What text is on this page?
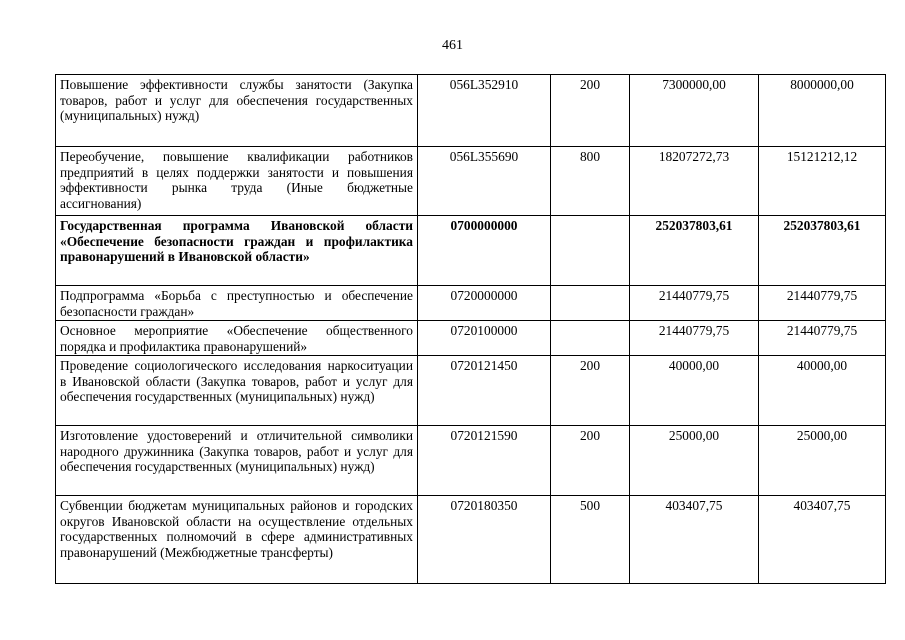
461
Повышение эффективности службы занятости (Закупка товаров, работ и услуг для обеспечения государственных (муниципальных) нужд)	056L352910	200	7300000,00	8000000,00
Переобучение, повышение квалификации работников предприятий в целях поддержки занятости и повышения эффективности рынка труда (Иные бюджетные ассигнования)	056L355690	800	18207272,73	15121212,12
Государственная программа Ивановской области «Обеспечение безопасности граждан и профилактика правонарушений в Ивановской области»	0700000000		252037803,61	252037803,61
Подпрограмма «Борьба с преступностью и обеспечение безопасности граждан»	0720000000		21440779,75	21440779,75
Основное мероприятие «Обеспечение общественного порядка и профилактика правонарушений»	0720100000		21440779,75	21440779,75
Проведение социологического исследования наркоситуации в Ивановской области (Закупка товаров, работ и услуг для обеспечения государственных (муниципальных) нужд)	0720121450	200	40000,00	40000,00
Изготовление удостоверений и отличительной символики народного дружинника (Закупка товаров, работ и услуг для обеспечения государственных (муниципальных) нужд)	0720121590	200	25000,00	25000,00
Субвенции бюджетам муниципальных районов и городских округов Ивановской области на осуществление отдельных государственных полномочий в сфере административных правонарушений (Межбюджетные трансферты)	0720180350	500	403407,75	403407,75
